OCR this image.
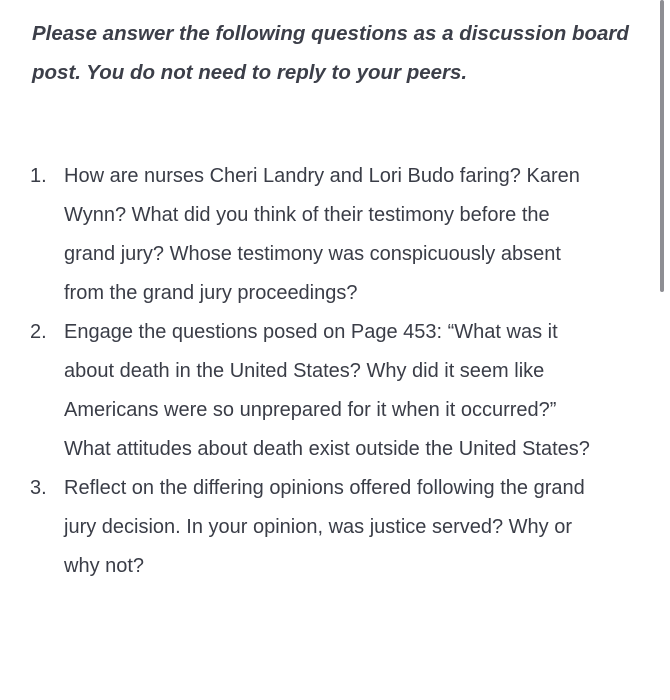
Please answer the following questions as a discussion board post. You do not need to reply to your peers.

1. How are nurses Cheri Landry and Lori Budo faring? Karen Wynn? What did you think of their testimony before the grand jury? Whose testimony was conspicuously absent from the grand jury proceedings?
2. Engage the questions posed on Page 453: “What was it about death in the United States? Why did it seem like Americans were so unprepared for it when it occurred?” What attitudes about death exist outside the United States?
3. Reflect on the differing opinions offered following the grand jury decision. In your opinion, was justice served? Why or why not?
